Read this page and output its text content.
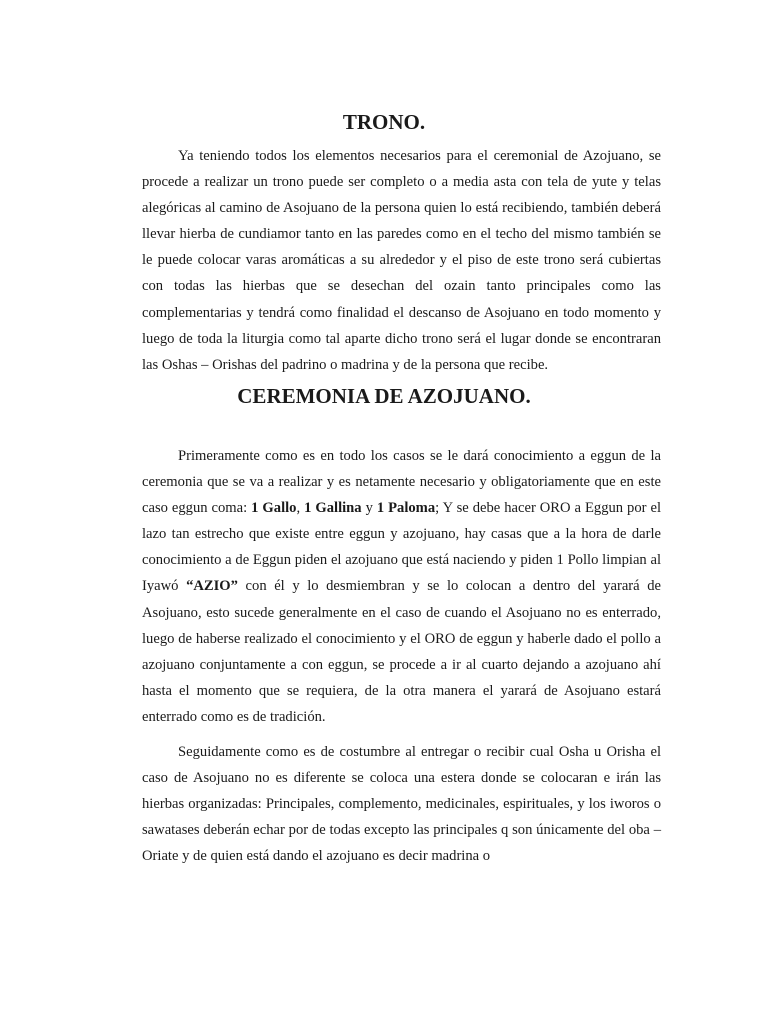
TRONO.

Ya teniendo todos los elementos necesarios para el ceremonial de Azojuano, se procede a realizar un trono puede ser completo o a media asta con tela de yute y telas alegóricas al camino de Asojuano de la persona quien lo está recibiendo, también deberá llevar hierba de cundiamor tanto en las paredes como en el techo del mismo también se le puede colocar varas aromáticas a su alrededor y el piso de este trono será cubiertas con todas las hierbas que se desechan del ozain tanto principales como las complementarias y tendrá como finalidad el descanso de Asojuano en todo momento y luego de toda la liturgia como tal aparte dicho trono será el lugar donde se encontraran las Oshas – Orishas del padrino o madrina y de la persona que recibe.

CEREMONIA DE AZOJUANO.

Primeramente como es en todo los casos se le dará conocimiento a eggun de la ceremonia que se va a realizar y es netamente necesario y obligatoriamente que en este caso eggun coma: 1 Gallo, 1 Gallina y 1 Paloma; Y se debe hacer ORO a Eggun por el lazo tan estrecho que existe entre eggun y azojuano, hay casas que a la hora de darle conocimiento a de Eggun piden el azojuano que está naciendo y piden 1 Pollo limpian al Iyawó “AZIO” con él y lo desmiembran y se lo colocan a dentro del yarará de Asojuano, esto sucede generalmente en el caso de cuando el Asojuano no es enterrado, luego de haberse realizado el conocimiento y el ORO de eggun y haberle dado el pollo a azojuano conjuntamente a con eggun, se procede a ir al cuarto dejando a azojuano ahí hasta el momento que se requiera, de la otra manera el yarará de Asojuano estará enterrado como es de tradición.

Seguidamente como es de costumbre al entregar o recibir cual Osha u Orisha el caso de Asojuano no es diferente se coloca una estera donde se colocaran e irán las hierbas organizadas: Principales, complemento, medicinales, espirituales, y los iworos o sawatases deberán echar por de todas excepto las principales q son únicamente del oba – Oriate y de quien está dando el azojuano es decir madrina o
